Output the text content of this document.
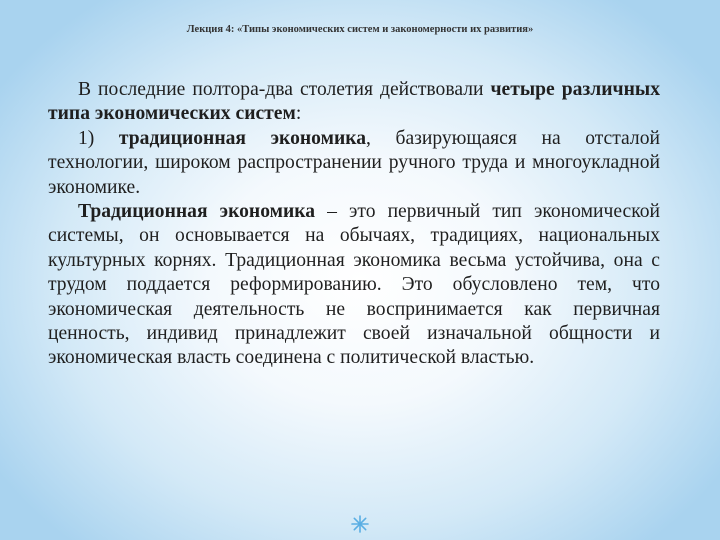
Лекция 4: «Типы экономических систем и закономерности их развития»

В последние полтора-два столетия действовали четыре различных типа экономических систем:

1) традиционная экономика, базирующаяся на отсталой технологии, широком распространении ручного труда и многоукладной экономике.

Традиционная экономика – это первичный тип экономической системы, он основывается на обычаях, традициях, национальных культурных корнях. Традиционная экономика весьма устойчива, она с трудом поддается реформированию. Это обусловлено тем, что экономическая деятельность не воспринимается как первичная ценность, индивид принадлежит своей изначальной общности и экономическая власть соединена с политической властью.
